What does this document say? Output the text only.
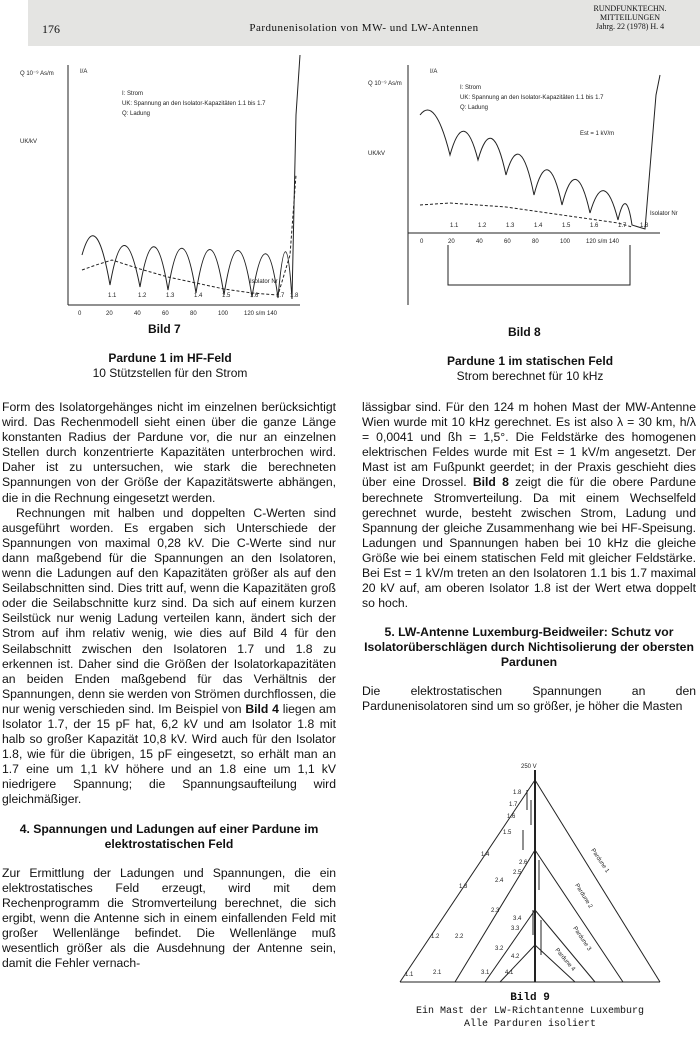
176	Pardunenisolation von MW- und LW-Antennen
RUNDFUNKTECHN.
MITTEILUNGEN
Jahrg. 22 (1978) H. 4
Q 10⁻⁹ As/m
UK/kV
I/A
I: Strom
UK: Spannung an den Isolator-Kapazitäten 1.1 bis 1.7
Q: Ladung
Isolator Nr
1.1	1.2	1.3	1.4	1.5	1.6	1.7 1.8
0	20	40	60	80	100	120 s/m 140
Bild 7
Pardune 1 im HF-Feld
10 Stützstellen für den Strom
Q 10⁻⁹ As/m
UK/kV
I/A
I: Strom
UK: Spannung an den Isolator-Kapazitäten 1.1 bis 1.7
Q: Ladung
Est = 1 kV/m
Isolator Nr
1.1	1.2	1.3	1.4	1.5	1.6	1.7 1.8
0	20	40	60	80	100	120 s/m 140
Bild 8
Pardune 1 im statischen Feld
Strom berechnet für 10 kHz

Form des Isolatorgehänges nicht im einzelnen berücksichtigt wird. Das Rechenmodell sieht einen über die ganze Länge konstanten Radius der Pardune vor, die nur an einzelnen Stellen durch konzentrierte Kapazitäten unterbrochen wird. Daher ist zu untersuchen, wie stark die berechneten Spannungen von der Größe der Kapazitätswerte abhängen, die in die Rechnung eingesetzt werden.

Rechnungen mit halben und doppelten C-Werten sind ausgeführt worden. Es ergaben sich Unterschiede der Spannungen von maximal 0,28 kV. Die C-Werte sind nur dann maßgebend für die Spannungen an den Isolatoren, wenn die Ladungen auf den Kapazitäten größer als auf den Seilabschnitten sind. Dies tritt auf, wenn die Kapazitäten groß oder die Seilabschnitte kurz sind. Da sich auf einem kurzen Seilstück nur wenig Ladung verteilen kann, ändert sich der Strom auf ihm relativ wenig, wie dies auf Bild 4 für den Seilabschnitt zwischen den Isolatoren 1.7 und 1.8 zu erkennen ist. Daher sind die Größen der Isolatorkapazitäten an beiden Enden maßgebend für das Verhältnis der Spannungen, denn sie werden von Strömen durchflossen, die nur wenig verschieden sind. Im Beispiel von Bild 4 liegen am Isolator 1.7, der 15 pF hat, 6,2 kV und am Isolator 1.8 mit halb so großer Kapazität 10,8 kV. Wird auch für den Isolator 1.8, wie für die übrigen, 15 pF eingesetzt, so erhält man an 1.7 eine um 1,1 kV höhere und an 1.8 eine um 1,1 kV niedrigere Spannung; die Spannungsaufteilung wird gleichmäßiger.

4. Spannungen und Ladungen auf einer Pardune im elektrostatischen Feld

Zur Ermittlung der Ladungen und Spannungen, die ein elektrostatisches Feld erzeugt, wird mit dem Rechenprogramm die Stromverteilung berechnet, die sich ergibt, wenn die Antenne sich in einem einfallenden Feld mit großer Wellenlänge befindet. Die Wellenlänge muß wesentlich größer als die Ausdehnung der Antenne sein, damit die Fehler vernach-

lässigbar sind. Für den 124 m hohen Mast der MW-Antenne Wien wurde mit 10 kHz gerechnet. Es ist also λ = 30 km, h/λ = 0,0041 und ßh = 1,5°. Die Feldstärke des homogenen elektrischen Feldes wurde mit Est = 1 kV/m angesetzt. Der Mast ist am Fußpunkt geerdet; in der Praxis geschieht dies über eine Drossel. Bild 8 zeigt die für die obere Pardune berechnete Stromverteilung. Da mit einem Wechselfeld gerechnet wurde, besteht zwischen Strom, Ladung und Spannung der gleiche Zusammenhang wie bei HF-Speisung. Ladungen und Spannungen haben bei 10 kHz die gleiche Größe wie bei einem statischen Feld mit gleicher Feldstärke. Bei Est = 1 kV/m treten an den Isolatoren 1.1 bis 1.7 maximal 20 kV auf, am oberen Isolator 1.8 ist der Wert etwa doppelt so hoch.

5. LW-Antenne Luxemburg-Beidweiler: Schutz vor Isolatorüberschlägen durch Nichtisolierung der obersten Pardunen

Die elektrostatischen Spannungen an den Pardunenisolatoren sind um so größer, je höher die Masten

250 V
Pardune 1
Pardune 2
Pardune 3
Pardune 4
1.8
1.7
1.6
1.5
1.4
1.3
1.2
1.1
2.6
2.5
2.4
2.3
2.2
2.1
3.4
3.3
3.2
3.1
4.2
4.1
Bild 9
Ein Mast der LW-Richtantenne Luxemburg
Alle Parduren isoliert
